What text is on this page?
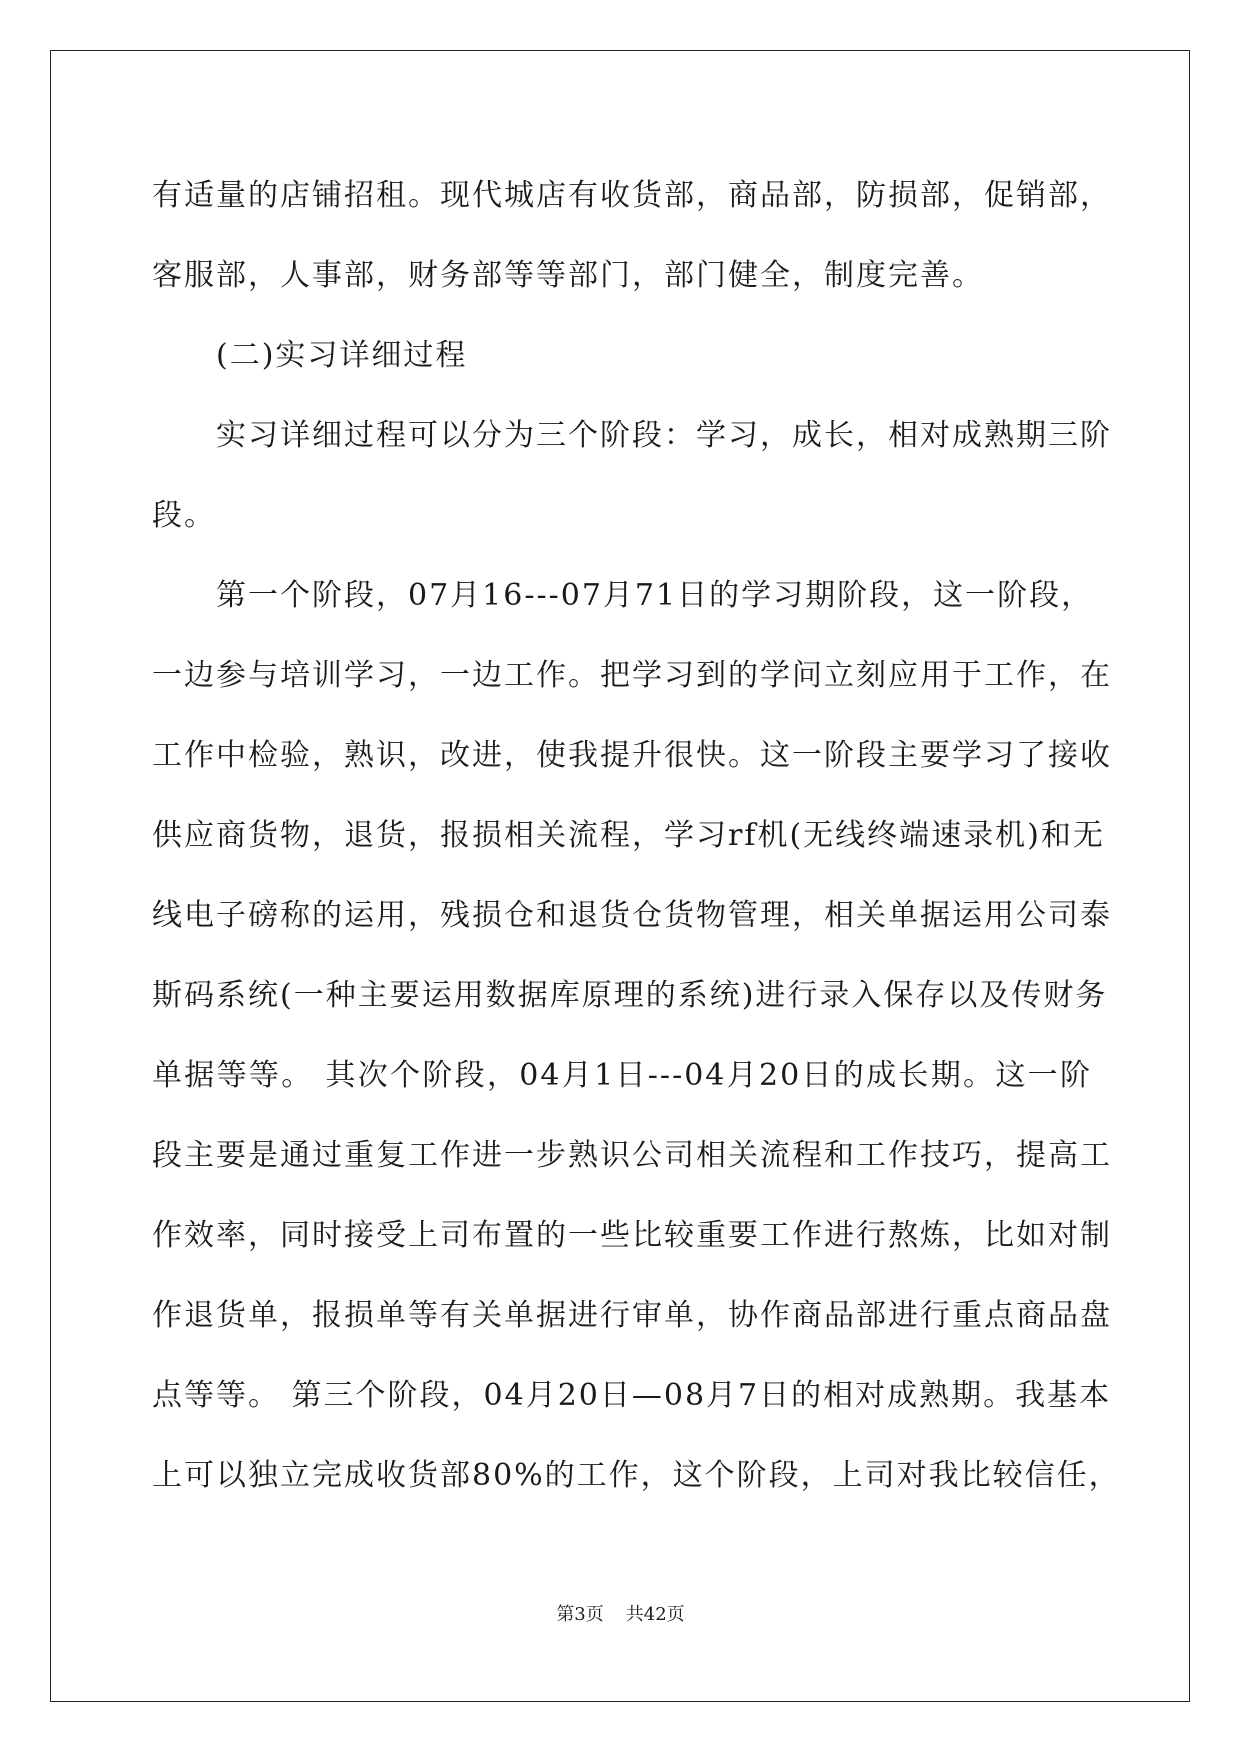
有适量的店铺招租。现代城店有收货部，商品部，防损部，促销部，
客服部，人事部，财务部等等部门，部门健全，制度完善。
(二)实习详细过程
实习详细过程可以分为三个阶段：学习，成长，相对成熟期三阶
段。
第一个阶段，07月16---07月71日的学习期阶段，这一阶段，
一边参与培训学习，一边工作。把学习到的学问立刻应用于工作，在
工作中检验，熟识，改进，使我提升很快。这一阶段主要学习了接收
供应商货物，退货，报损相关流程，学习rf机(无线终端速录机)和无
线电子磅称的运用，残损仓和退货仓货物管理，相关单据运用公司泰
斯码系统(一种主要运用数据库原理的系统)进行录入保存以及传财务
单据等等。 其次个阶段，04月1日---04月20日的成长期。这一阶
段主要是通过重复工作进一步熟识公司相关流程和工作技巧，提高工
作效率，同时接受上司布置的一些比较重要工作进行熬炼，比如对制
作退货单，报损单等有关单据进行审单，协作商品部进行重点商品盘
点等等。 第三个阶段，04月20日—08月7日的相对成熟期。我基本
上可以独立完成收货部80%的工作，这个阶段，上司对我比较信任，
第3页 共42页
